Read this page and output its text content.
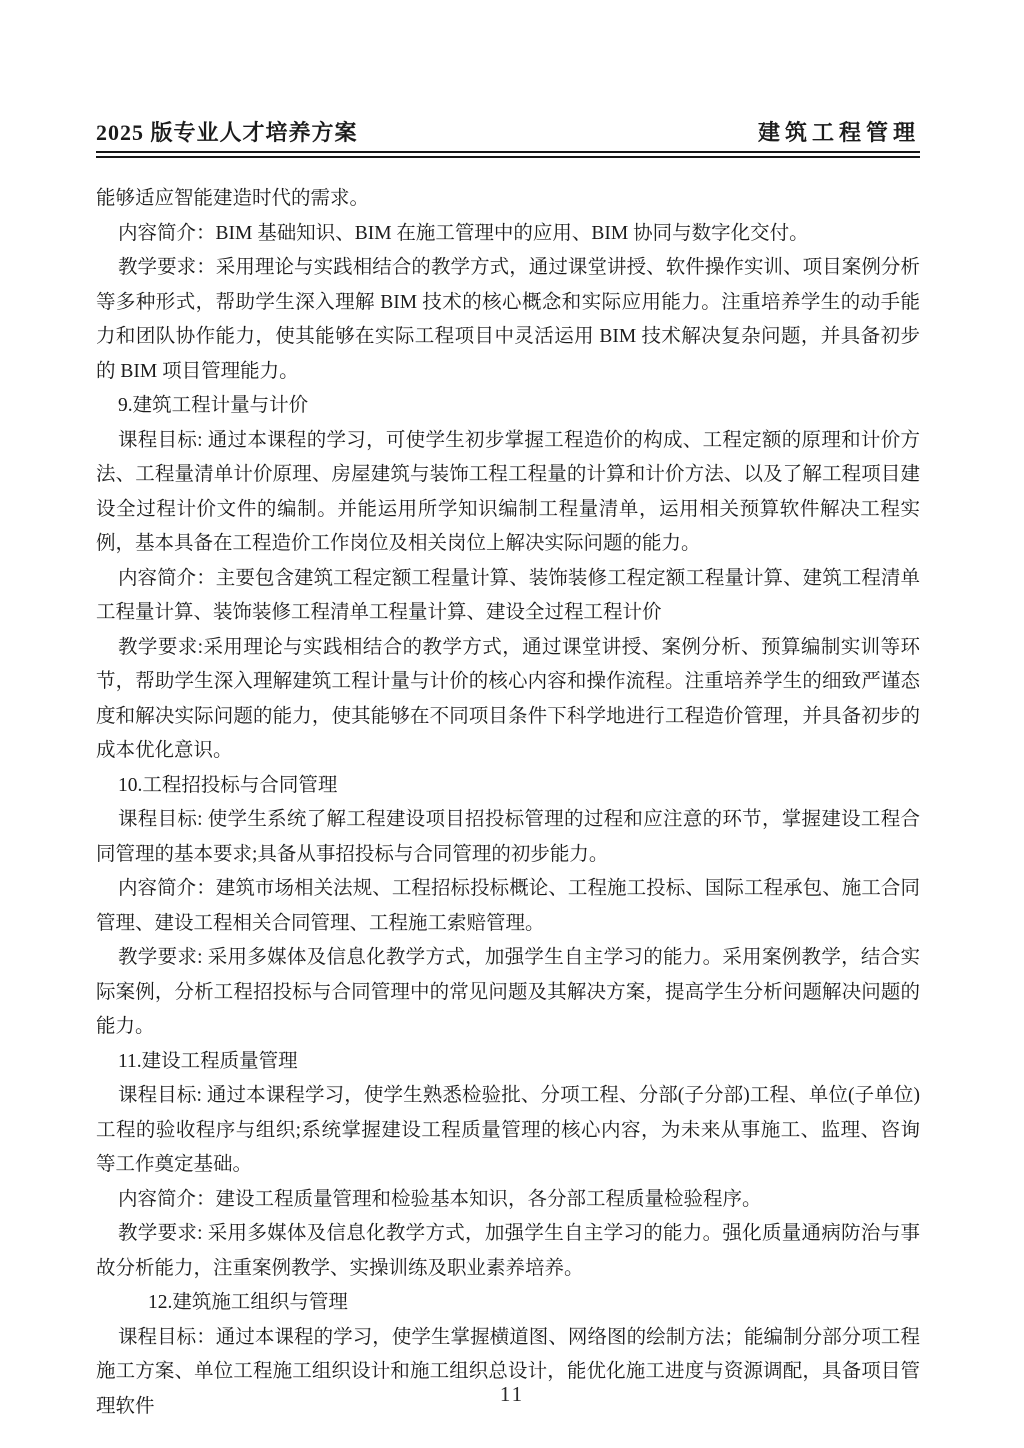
2025 版专业人才培养方案	建筑工程管理

能够适应智能建造时代的需求。

内容简介：BIM 基础知识、BIM 在施工管理中的应用、BIM 协同与数字化交付。

教学要求：采用理论与实践相结合的教学方式，通过课堂讲授、软件操作实训、项目案例分析等多种形式，帮助学生深入理解 BIM 技术的核心概念和实际应用能力。注重培养学生的动手能力和团队协作能力，使其能够在实际工程项目中灵活运用 BIM 技术解决复杂问题，并具备初步的 BIM 项目管理能力。

9.建筑工程计量与计价

课程目标: 通过本课程的学习，可使学生初步掌握工程造价的构成、工程定额的原理和计价方法、工程量清单计价原理、房屋建筑与装饰工程工程量的计算和计价方法、以及了解工程项目建设全过程计价文件的编制。并能运用所学知识编制工程量清单，运用相关预算软件解决工程实例，基本具备在工程造价工作岗位及相关岗位上解决实际问题的能力。

内容简介：主要包含建筑工程定额工程量计算、装饰装修工程定额工程量计算、建筑工程清单工程量计算、装饰装修工程清单工程量计算、建设全过程工程计价

教学要求:采用理论与实践相结合的教学方式，通过课堂讲授、案例分析、预算编制实训等环节，帮助学生深入理解建筑工程计量与计价的核心内容和操作流程。注重培养学生的细致严谨态度和解决实际问题的能力，使其能够在不同项目条件下科学地进行工程造价管理，并具备初步的成本优化意识。

10.工程招投标与合同管理

课程目标: 使学生系统了解工程建设项目招投标管理的过程和应注意的环节，掌握建设工程合同管理的基本要求;具备从事招投标与合同管理的初步能力。

内容简介：建筑市场相关法规、工程招标投标概论、工程施工投标、国际工程承包、施工合同管理、建设工程相关合同管理、工程施工索赔管理。

教学要求: 采用多媒体及信息化教学方式，加强学生自主学习的能力。采用案例教学，结合实际案例，分析工程招投标与合同管理中的常见问题及其解决方案，提高学生分析问题解决问题的能力。

11.建设工程质量管理

课程目标: 通过本课程学习，使学生熟悉检验批、分项工程、分部(子分部)工程、单位(子单位)工程的验收程序与组织;系统掌握建设工程质量管理的核心内容，为未来从事施工、监理、咨询等工作奠定基础。

内容简介：建设工程质量管理和检验基本知识，各分部工程质量检验程序。

教学要求: 采用多媒体及信息化教学方式，加强学生自主学习的能力。强化质量通病防治与事故分析能力，注重案例教学、实操训练及职业素养培养。

12.建筑施工组织与管理

课程目标：通过本课程的学习，使学生掌握横道图、网络图的绘制方法；能编制分部分项工程施工方案、单位工程施工组织设计和施工组织总设计，能优化施工进度与资源调配，具备项目管理软件	11
